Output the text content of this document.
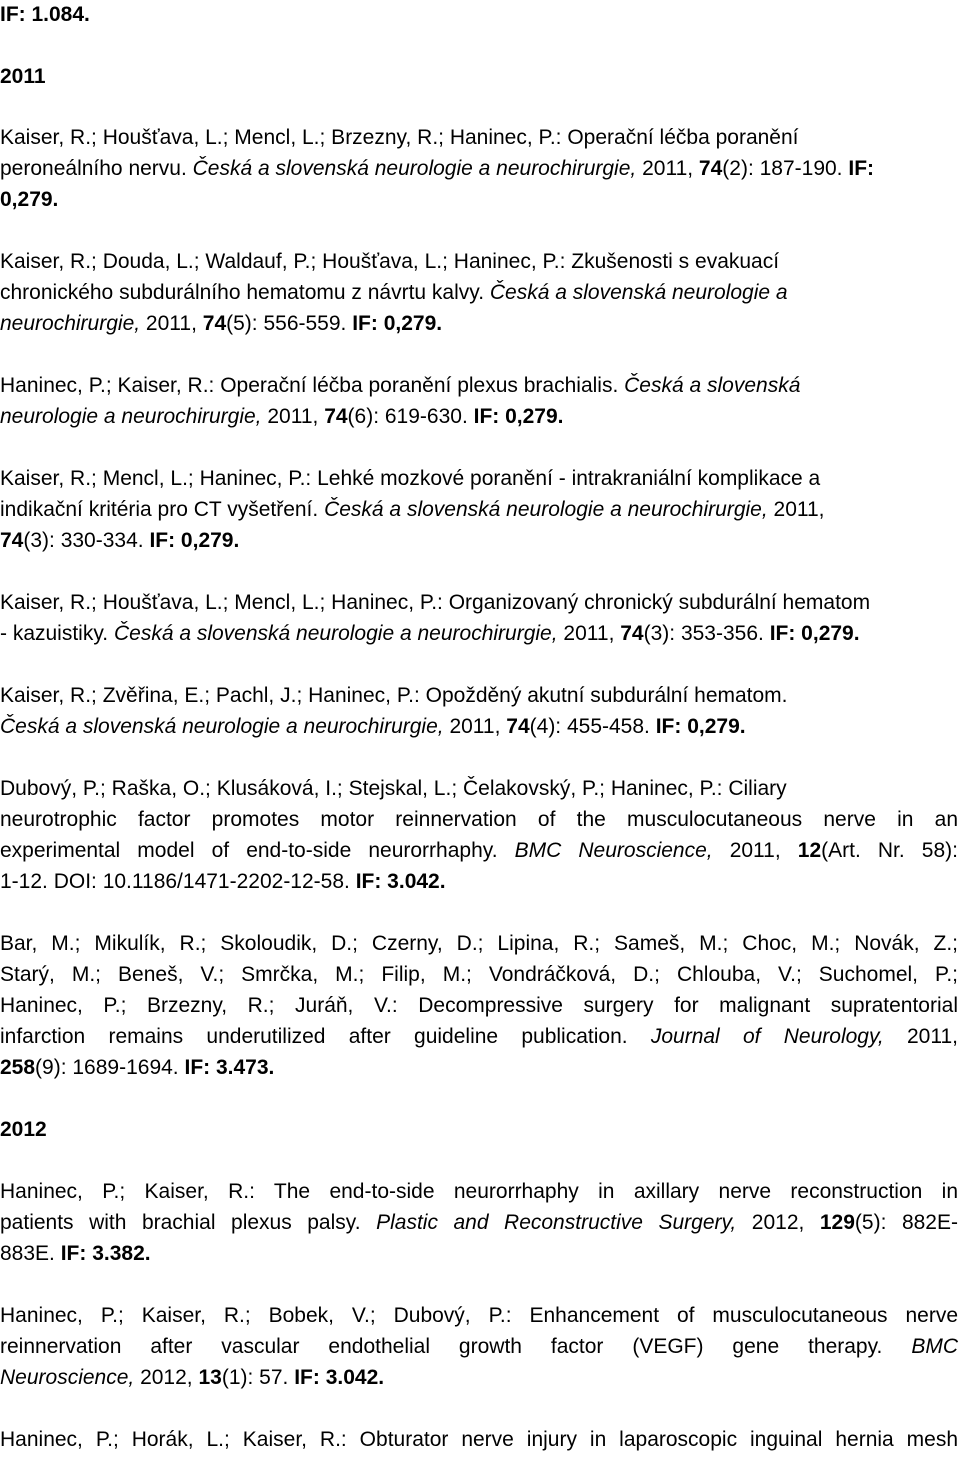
IF: 1.084.
2011
Kaiser, R.; Houšťava, L.; Mencl, L.; Brzezny, R.; Haninec, P.: Operační léčba poranění
peroneálního nervu. Česká a slovenská neurologie a neurochirurgie, 2011, 74(2): 187-190. IF:
0,279.
Kaiser, R.; Douda, L.; Waldauf, P.; Houšťava, L.; Haninec, P.: Zkušenosti s evakuací
chronického subdurálního hematomu z návrtu kalvy. Česká a slovenská neurologie a
neurochirurgie, 2011, 74(5): 556-559. IF: 0,279.
Haninec, P.; Kaiser, R.: Operační léčba poranění plexus brachialis. Česká a slovenská
neurologie a neurochirurgie, 2011, 74(6): 619-630. IF: 0,279.
Kaiser, R.; Mencl, L.; Haninec, P.: Lehké mozkové poranění - intrakraniální komplikace a
indikační kritéria pro CT vyšetření. Česká a slovenská neurologie a neurochirurgie, 2011,
74(3): 330-334. IF: 0,279.
Kaiser, R.; Houšťava, L.; Mencl, L.; Haninec, P.: Organizovaný chronický subdurální hematom
- kazuistiky. Česká a slovenská neurologie a neurochirurgie, 2011, 74(3): 353-356. IF: 0,279.
Kaiser, R.; Zvěřina, E.; Pachl, J.; Haninec, P.: Opožděný akutní subdurální hematom.
Česká a slovenská neurologie a neurochirurgie, 2011, 74(4): 455-458. IF: 0,279.
Dubový, P.; Raška, O.; Klusáková, I.; Stejskal, L.; Čelakovský, P.; Haninec, P.: Ciliary
neurotrophic factor promotes motor reinnervation of the musculocutaneous nerve in an
experimental model of end-to-side neurorrhaphy. BMC Neuroscience, 2011, 12(Art. Nr. 58):
1-12. DOI: 10.1186/1471-2202-12-58. IF: 3.042.
Bar, M.; Mikulík, R.; Skoloudik, D.; Czerny, D.; Lipina, R.; Sameš, M.; Choc, M.; Novák, Z.;
Starý, M.; Beneš, V.; Smrčka, M.; Filip, M.; Vondráčková, D.; Chlouba, V.; Suchomel, P.;
Haninec, P.; Brzezny, R.; Juráň, V.: Decompressive surgery for malignant supratentorial
infarction remains underutilized after guideline publication. Journal of Neurology, 2011,
258(9): 1689-1694. IF: 3.473.
2012
Haninec, P.; Kaiser, R.: The end-to-side neurorrhaphy in axillary nerve reconstruction in
patients with brachial plexus palsy. Plastic and Reconstructive Surgery, 2012, 129(5): 882E-
883E. IF: 3.382.
Haninec, P.; Kaiser, R.; Bobek, V.; Dubový, P.: Enhancement of musculocutaneous nerve
reinnervation after vascular endothelial growth factor (VEGF) gene therapy. BMC
Neuroscience, 2012, 13(1): 57. IF: 3.042.
Haninec, P.; Horák, L.; Kaiser, R.: Obturator nerve injury in laparoscopic inguinal hernia mesh
